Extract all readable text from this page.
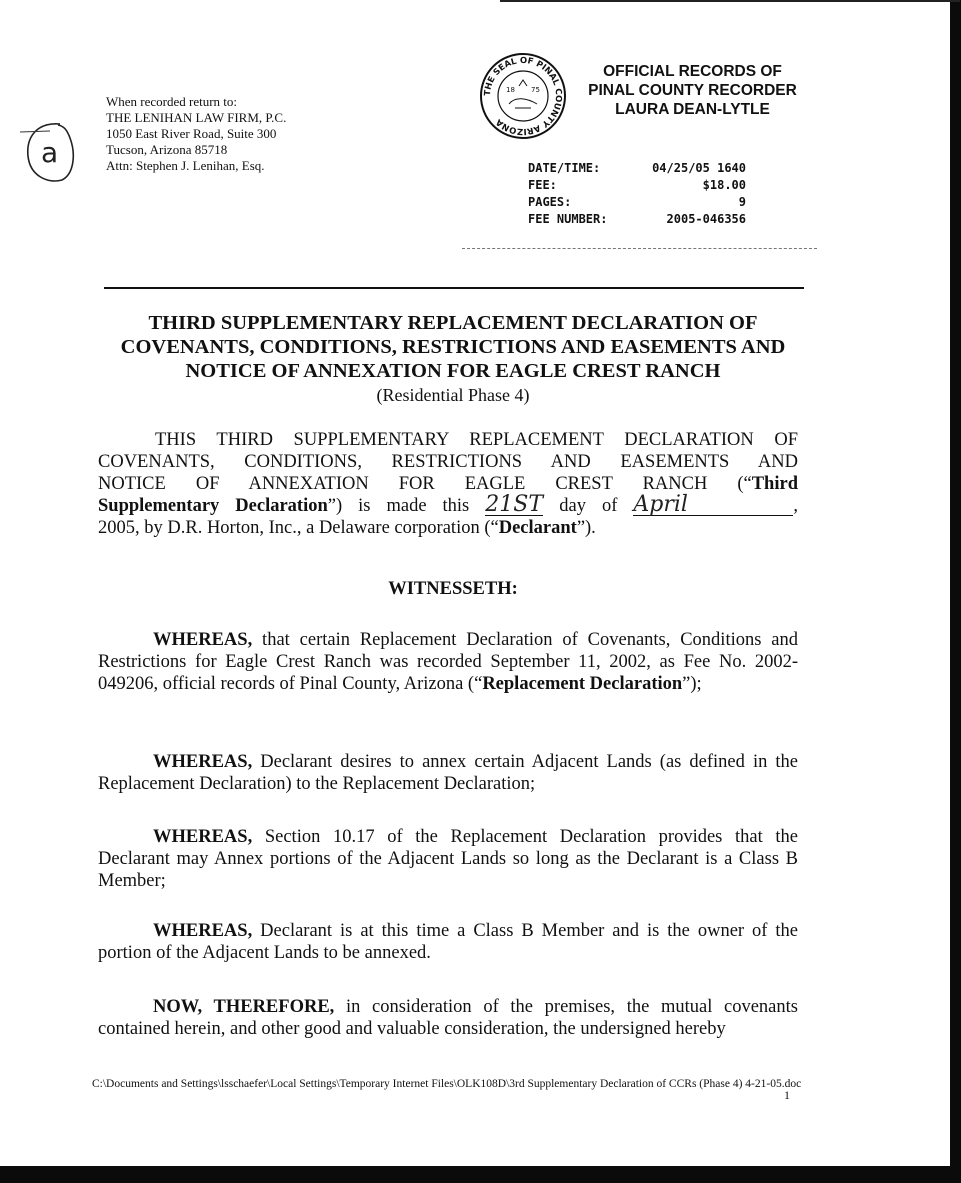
a
When recorded return to:
THE LENIHAN LAW FIRM, P.C.
1050 East River Road, Suite 300
Tucson, Arizona 85718
Attn: Stephen J. Lenihan, Esq.
THE SEAL OF PINAL COUNTY ARIZONA
18 75
OFFICIAL RECORDS OF
PINAL COUNTY RECORDER
LAURA DEAN-LYTLE
DATE/TIME:	04/25/05 1640
FEE:	$18.00
PAGES:	9
FEE NUMBER:	2005-046356
THIRD SUPPLEMENTARY REPLACEMENT DECLARATION OF
COVENANTS, CONDITIONS, RESTRICTIONS AND EASEMENTS AND
NOTICE OF ANNEXATION FOR EAGLE CREST RANCH
(Residential Phase 4)
THIS THIRD SUPPLEMENTARY REPLACEMENT DECLARATION OF
COVENANTS, CONDITIONS, RESTRICTIONS AND EASEMENTS AND
NOTICE OF ANNEXATION FOR EAGLE CREST RANCH (“Third
Supplementary Declaration”) is made this 21ST day of April	,
2005, by D.R. Horton, Inc., a Delaware corporation (“Declarant”).
WITNESSETH:
WHEREAS, that certain Replacement Declaration of Covenants, Conditions and Restrictions for Eagle Crest Ranch was recorded September 11, 2002, as Fee No. 2002-049206, official records of Pinal County, Arizona (“Replacement Declaration”);
WHEREAS, Declarant desires to annex certain Adjacent Lands (as defined in the Replacement Declaration) to the Replacement Declaration;
WHEREAS, Section 10.17 of the Replacement Declaration provides that the Declarant may Annex portions of the Adjacent Lands so long as the Declarant is a Class B Member;
WHEREAS, Declarant is at this time a Class B Member and is the owner of the portion of the Adjacent Lands to be annexed.
NOW, THEREFORE, in consideration of the premises, the mutual covenants contained herein, and other good and valuable consideration, the undersigned hereby
C:\Documents and Settings\lsschaefer\Local Settings\Temporary Internet Files\OLK108D\3rd Supplementary Declaration of CCRs (Phase 4) 4-21-05.doc
1
